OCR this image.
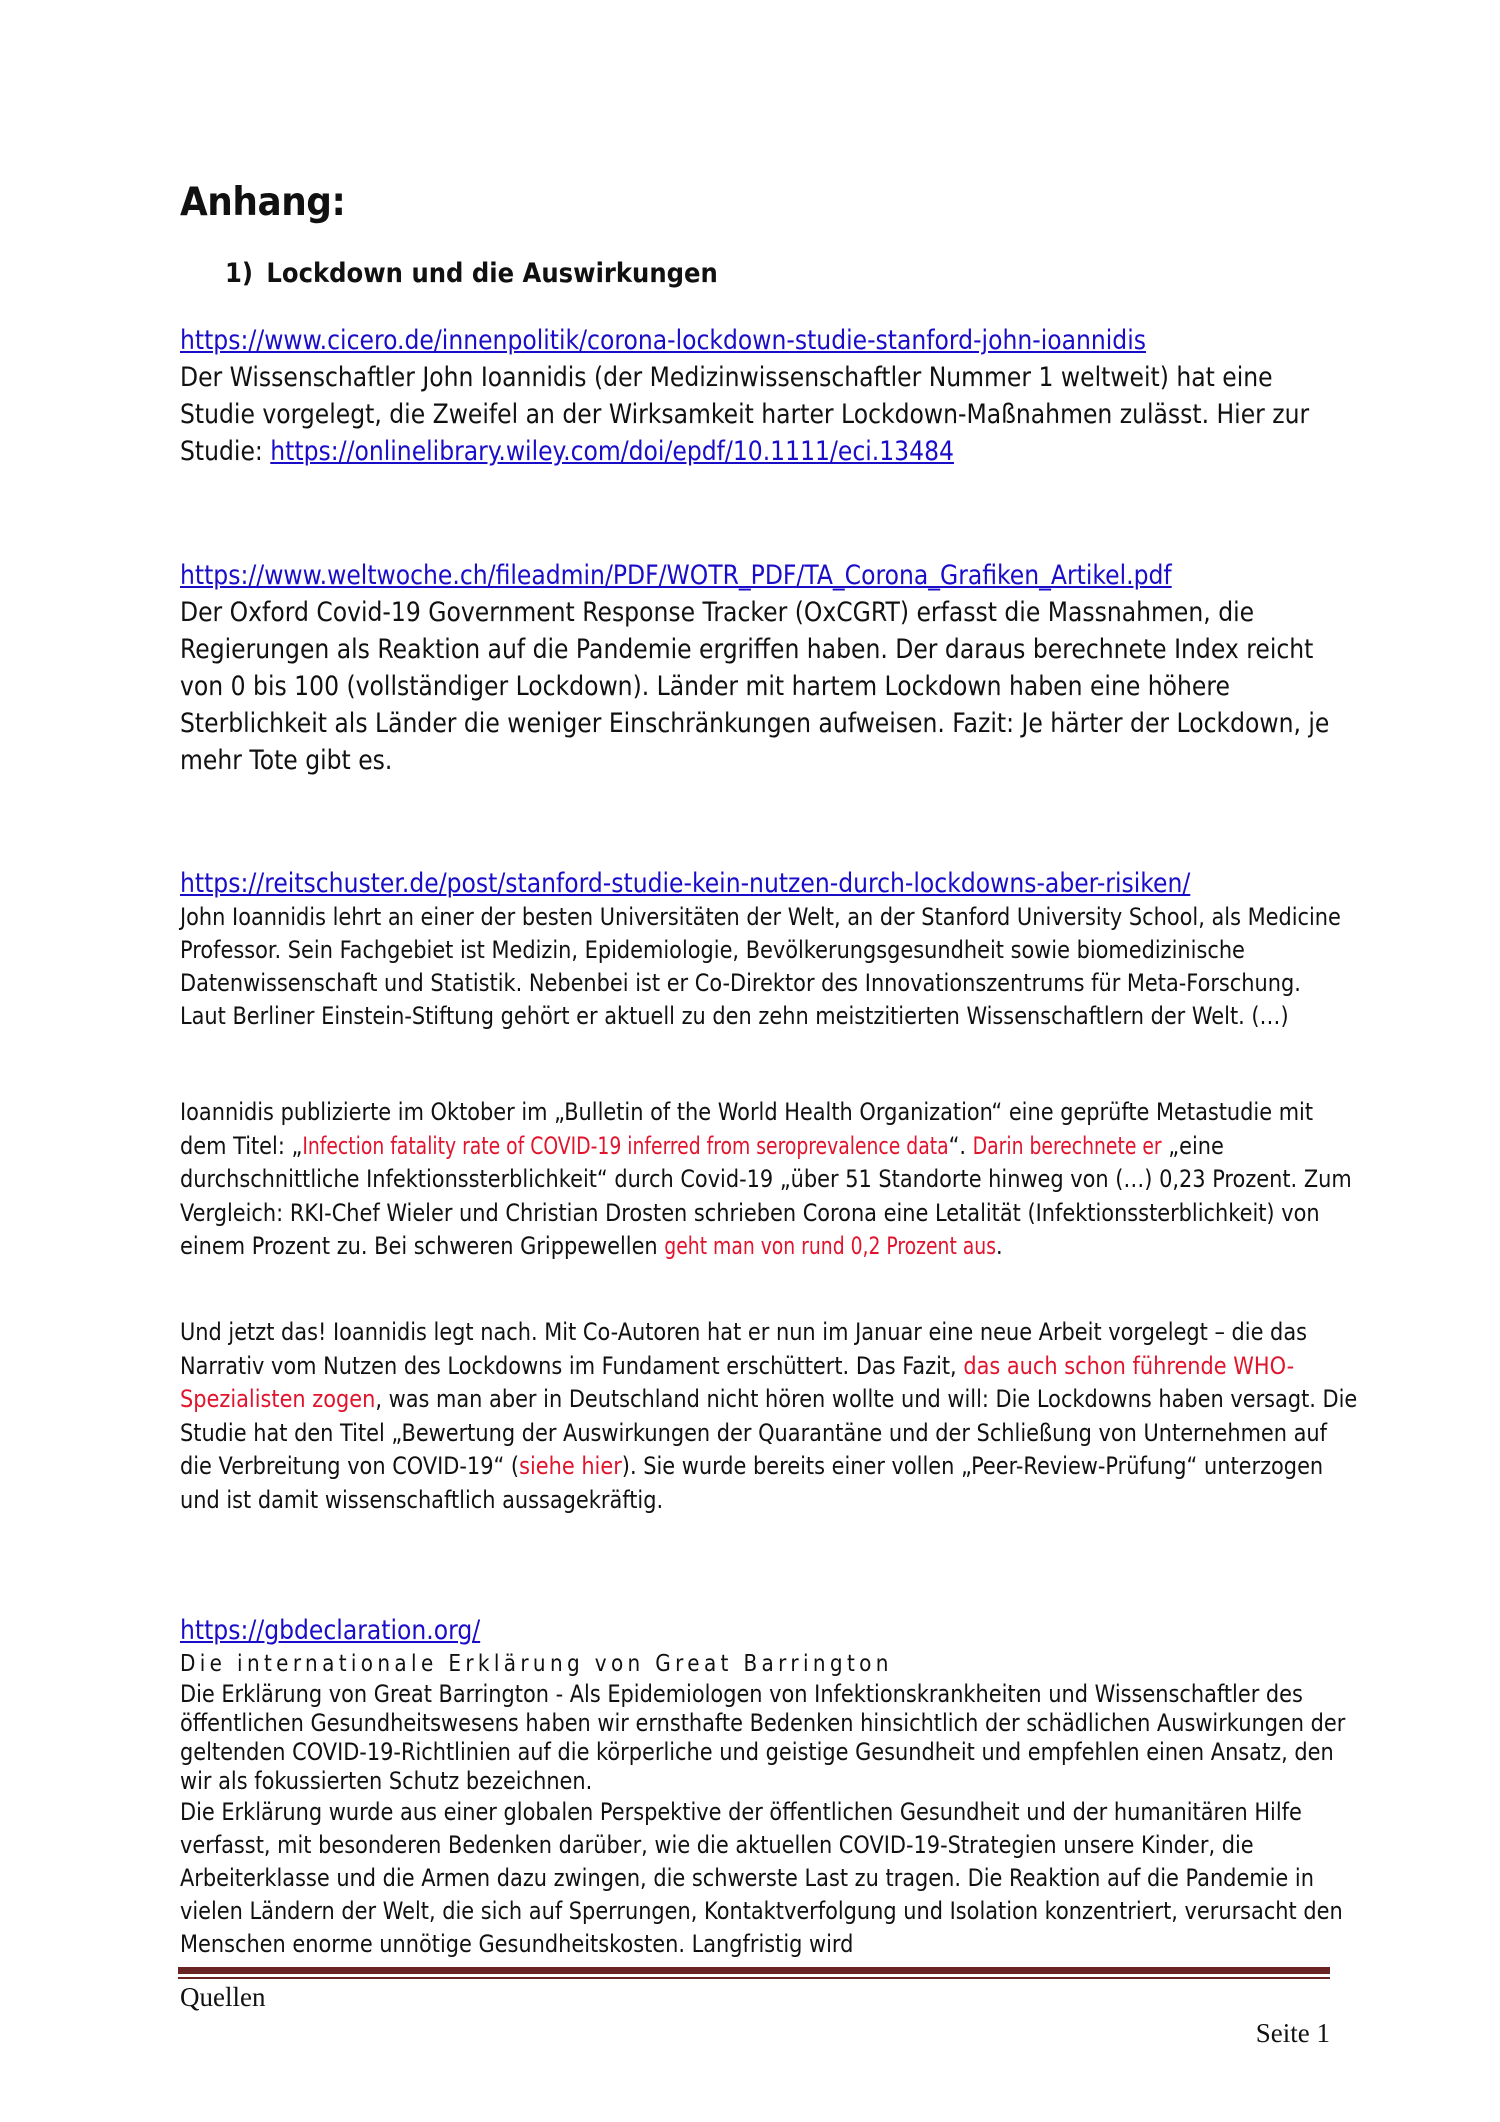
Anhang:
1) Lockdown und die Auswirkungen

https://www.cicero.de/innenpolitik/corona-lockdown-studie-stanford-john-ioannidis

Der Wissenschaftler John Ioannidis (der Medizinwissenschaftler Nummer 1 weltweit) hat eine Studie vorgelegt, die Zweifel an der Wirksamkeit harter Lockdown-Maßnahmen zulässt. Hier zur Studie: https://onlinelibrary.wiley.com/doi/epdf/10.1111/eci.13484

https://www.weltwoche.ch/fileadmin/PDF/WOTR_PDF/TA_Corona_Grafiken_Artikel.pdf

Der Oxford Covid-19 Government Response Tracker (OxCGRT) erfasst die Massnahmen, die Regierungen als Reaktion auf die Pandemie ergriffen haben. Der daraus berechnete Index reicht von 0 bis 100 (vollständiger Lockdown). Länder mit hartem Lockdown haben eine höhere Sterblichkeit als Länder die weniger Einschränkungen aufweisen. Fazit: Je härter der Lockdown, je mehr Tote gibt es.

https://reitschuster.de/post/stanford-studie-kein-nutzen-durch-lockdowns-aber-risiken/

John Ioannidis lehrt an einer der besten Universitäten der Welt, an der Stanford University School, als Medicine Professor. Sein Fachgebiet ist Medizin, Epidemiologie, Bevölkerungsgesundheit sowie biomedizinische Datenwissenschaft und Statistik. Nebenbei ist er Co-Direktor des Innovationszentrums für Meta-Forschung. Laut Berliner Einstein-Stiftung gehört er aktuell zu den zehn meistzitierten Wissenschaftlern der Welt. (…)

Ioannidis publizierte im Oktober im „Bulletin of the World Health Organization“ eine geprüfte Metastudie mit dem Titel: „Infection fatality rate of COVID-19 inferred from seroprevalence data“. Darin berechnete er „eine durchschnittliche Infektionssterblichkeit“ durch Covid-19 „über 51 Standorte hinweg von (…) 0,23 Prozent. Zum Vergleich: RKI-Chef Wieler und Christian Drosten schrieben Corona eine Letalität (Infektionssterblichkeit) von einem Prozent zu. Bei schweren Grippewellen geht man von rund 0,2 Prozent aus.

Und jetzt das! Ioannidis legt nach. Mit Co-Autoren hat er nun im Januar eine neue Arbeit vorgelegt – die das Narrativ vom Nutzen des Lockdowns im Fundament erschüttert. Das Fazit, das auch schon führende WHO-Spezialisten zogen, was man aber in Deutschland nicht hören wollte und will: Die Lockdowns haben versagt. Die Studie hat den Titel „Bewertung der Auswirkungen der Quarantäne und der Schließung von Unternehmen auf die Verbreitung von COVID-19“ (siehe hier). Sie wurde bereits einer vollen „Peer-Review-Prüfung“ unterzogen und ist damit wissenschaftlich aussagekräftig.

https://gbdeclaration.org/
Die internationale Erklärung von Great Barrington

Die Erklärung von Great Barrington - Als Epidemiologen von Infektionskrankheiten und Wissenschaftler des öffentlichen Gesundheitswesens haben wir ernsthafte Bedenken hinsichtlich der schädlichen Auswirkungen der geltenden COVID-19-Richtlinien auf die körperliche und geistige Gesundheit und empfehlen einen Ansatz, den wir als fokussierten Schutz bezeichnen.

Die Erklärung wurde aus einer globalen Perspektive der öffentlichen Gesundheit und der humanitären Hilfe verfasst, mit besonderen Bedenken darüber, wie die aktuellen COVID-19-Strategien unsere Kinder, die Arbeiterklasse und die Armen dazu zwingen, die schwerste Last zu tragen. Die Reaktion auf die Pandemie in vielen Ländern der Welt, die sich auf Sperrungen, Kontaktverfolgung und Isolation konzentriert, verursacht den Menschen enorme unnötige Gesundheitskosten. Langfristig wird

Quellen
Seite 1
